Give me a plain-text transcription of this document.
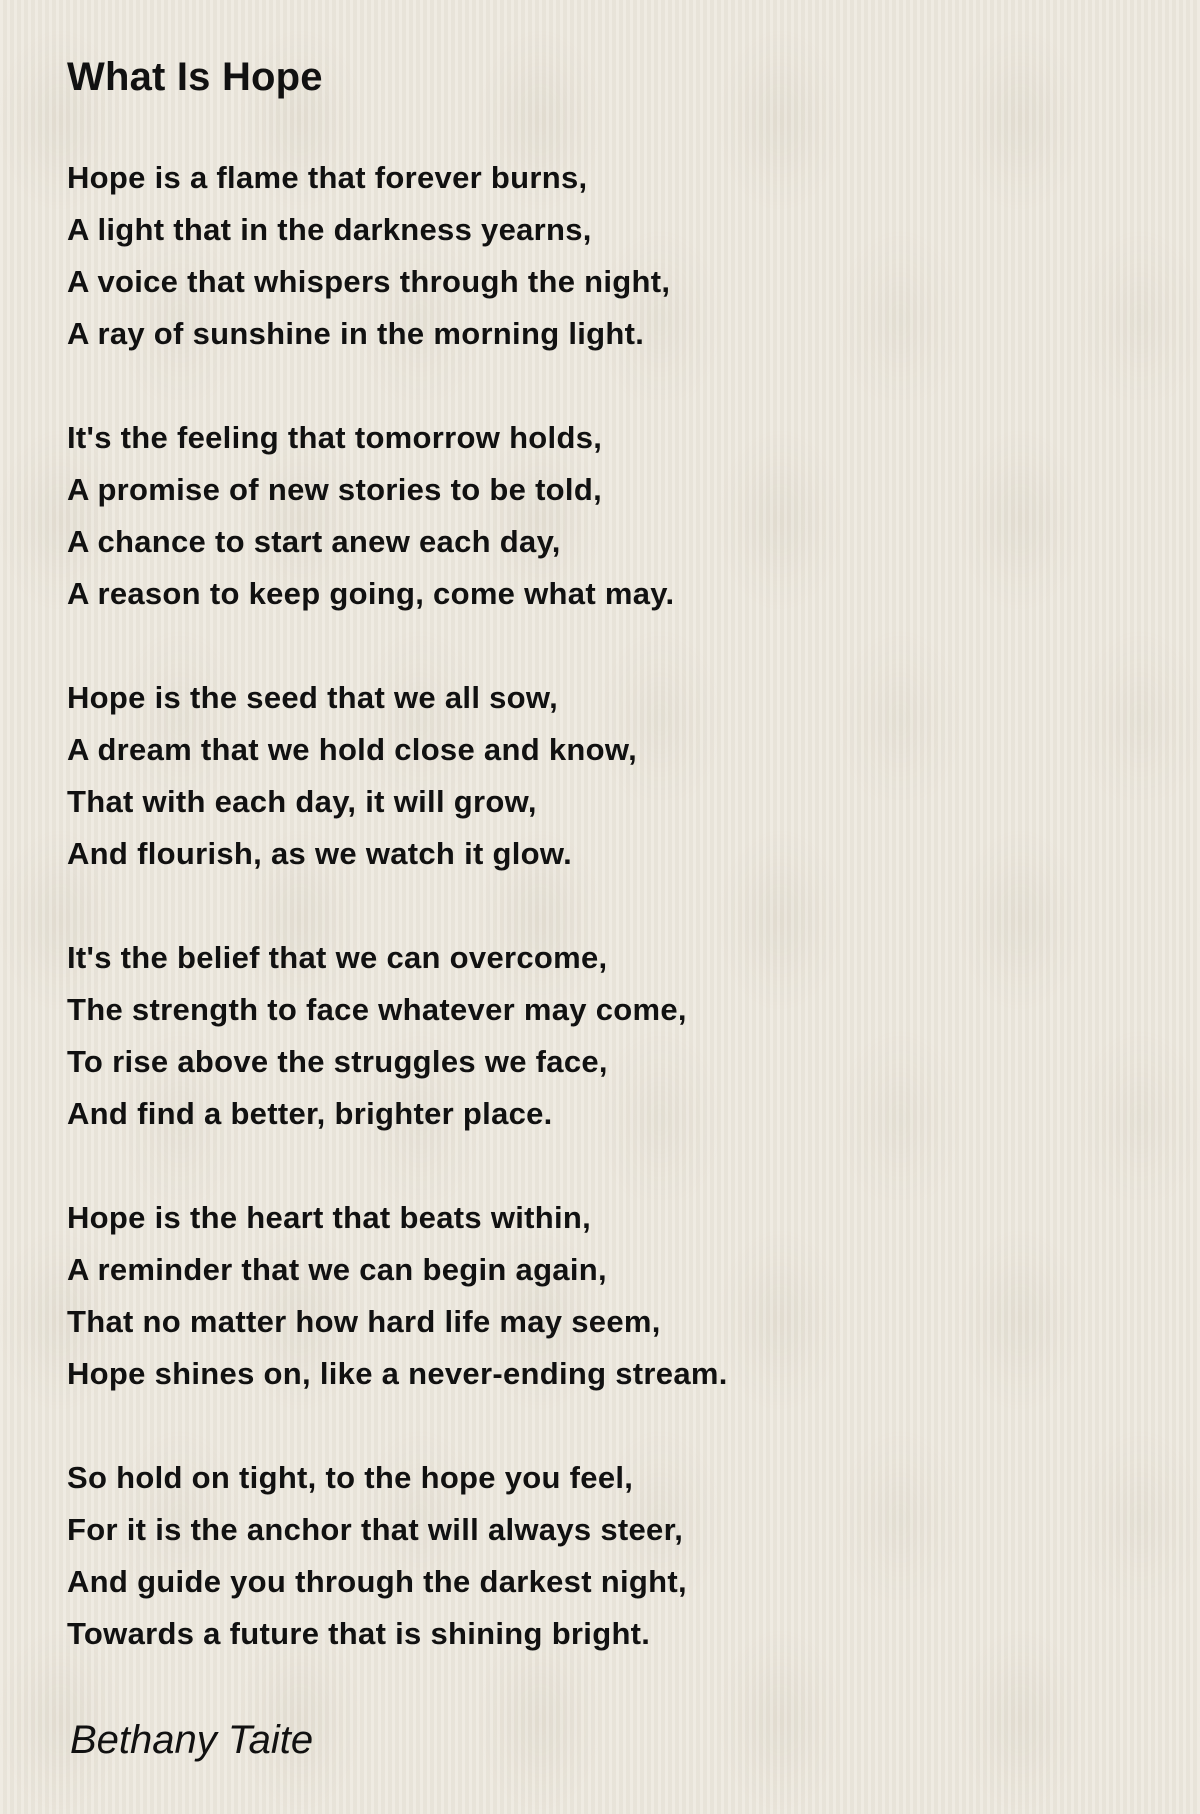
What Is Hope
Hope is a flame that forever burns,
A light that in the darkness yearns,
A voice that whispers through the night,
A ray of sunshine in the morning light.
It's the feeling that tomorrow holds,
A promise of new stories to be told,
A chance to start anew each day,
A reason to keep going, come what may.
Hope is the seed that we all sow,
A dream that we hold close and know,
That with each day, it will grow,
And flourish, as we watch it glow.
It's the belief that we can overcome,
The strength to face whatever may come,
To rise above the struggles we face,
And find a better, brighter place.
Hope is the heart that beats within,
A reminder that we can begin again,
That no matter how hard life may seem,
Hope shines on, like a never-ending stream.
So hold on tight, to the hope you feel,
For it is the anchor that will always steer,
And guide you through the darkest night,
Towards a future that is shining bright.
Bethany Taite
